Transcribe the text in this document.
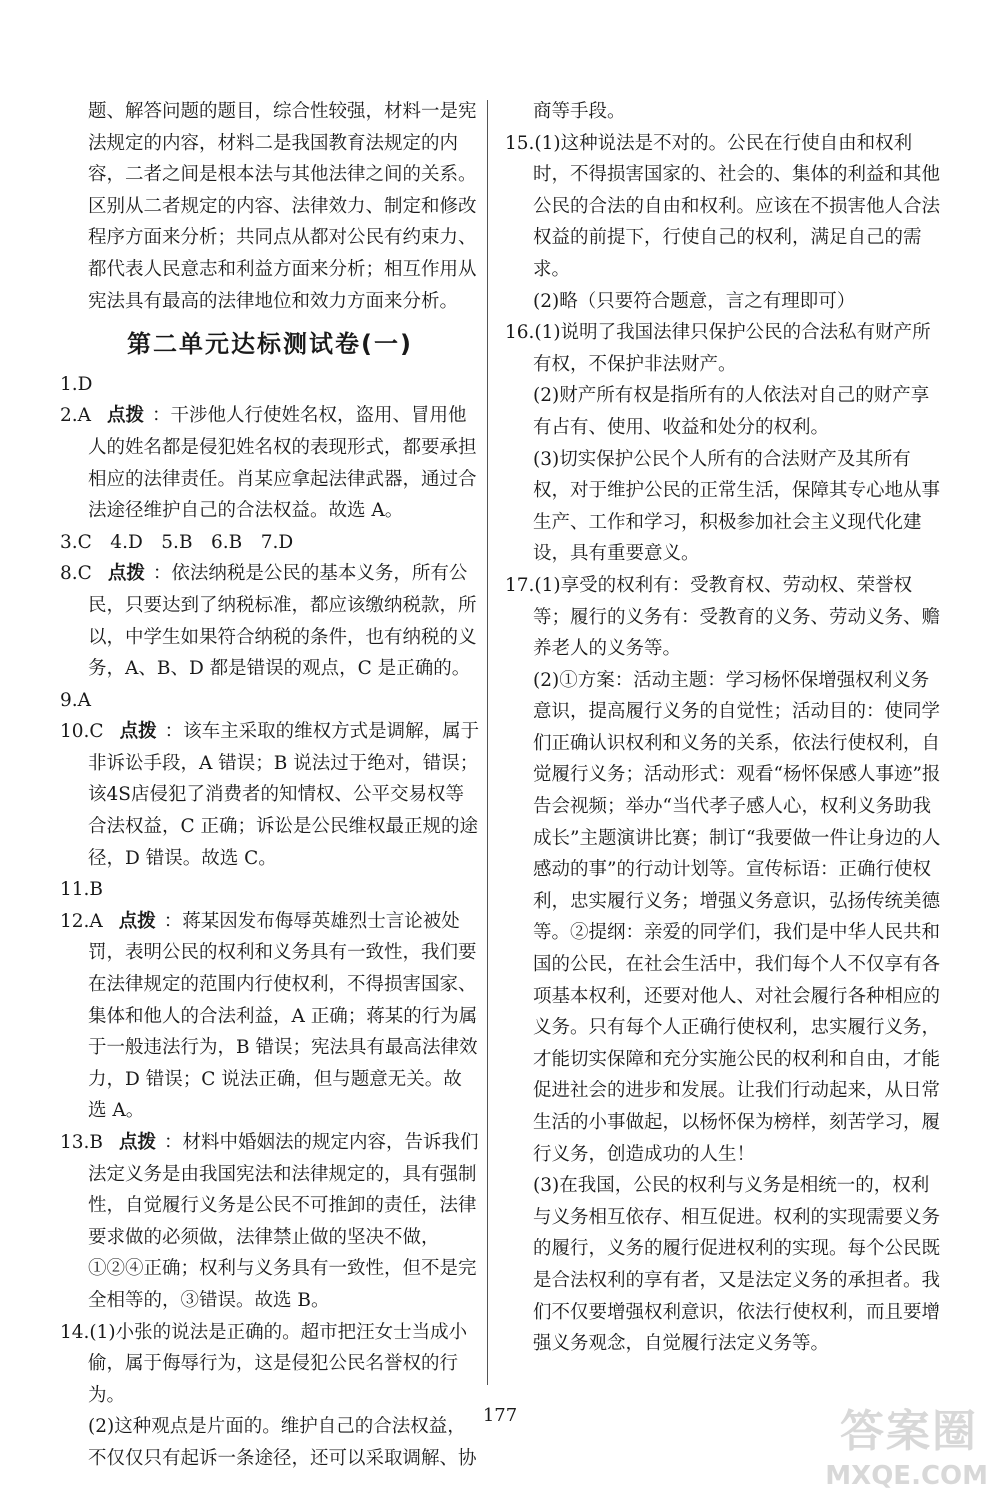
题、解答问题的题目，综合性较强，材料一是宪法规定的内容，材料二是我国教育法规定的内容，二者之间是根本法与其他法律之间的关系。区别从二者规定的内容、法律效力、制定和修改程序方面来分析；共同点从都对公民有约束力、都代表人民意志和利益方面来分析；相互作用从宪法具有最高的法律地位和效力方面来分析。

第二单元达标测试卷(一)

1.D

2.A 点拨 ：干涉他人行使姓名权，盗用、冒用他人的姓名都是侵犯姓名权的表现形式，都要承担相应的法律责任。肖某应拿起法律武器，通过合法途径维护自己的合法权益。故选 A。

3.C　4.D　5.B　6.B　7.D

8.C 点拨 ：依法纳税是公民的基本义务，所有公民，只要达到了纳税标准，都应该缴纳税款，所以，中学生如果符合纳税的条件，也有纳税的义务，A、B、D 都是错误的观点，C 是正确的。

9.A

10.C 点拨 ：该车主采取的维权方式是调解，属于非诉讼手段，A 错误；B 说法过于绝对，错误；该4S店侵犯了消费者的知情权、公平交易权等合法权益，C 正确；诉讼是公民维权最正规的途径，D 错误。故选 C。

11.B

12.A 点拨 ：蒋某因发布侮辱英雄烈士言论被处罚，表明公民的权利和义务具有一致性，我们要在法律规定的范围内行使权利，不得损害国家、集体和他人的合法利益，A 正确；蒋某的行为属于一般违法行为，B 错误；宪法具有最高法律效力，D 错误；C 说法正确，但与题意无关。故选 A。

13.B 点拨 ：材料中婚姻法的规定内容，告诉我们法定义务是由我国宪法和法律规定的，具有强制性，自觉履行义务是公民不可推卸的责任，法律要求做的必须做，法律禁止做的坚决不做，①②④正确；权利与义务具有一致性，但不是完全相等的，③错误。故选 B。

14.(1)小张的说法是正确的。超市把汪女士当成小偷，属于侮辱行为，这是侵犯公民名誉权的行为。

(2)这种观点是片面的。维护自己的合法权益，不仅仅只有起诉一条途径，还可以采取调解、协

商等手段。

15.(1)这种说法是不对的。公民在行使自由和权利时，不得损害国家的、社会的、集体的利益和其他公民的合法的自由和权利。应该在不损害他人合法权益的前提下，行使自己的权利，满足自己的需求。

(2)略（只要符合题意，言之有理即可）

16.(1)说明了我国法律只保护公民的合法私有财产所有权，不保护非法财产。

(2)财产所有权是指所有的人依法对自己的财产享有占有、使用、收益和处分的权利。

(3)切实保护公民个人所有的合法财产及其所有权，对于维护公民的正常生活，保障其专心地从事生产、工作和学习，积极参加社会主义现代化建设，具有重要意义。

17.(1)享受的权利有：受教育权、劳动权、荣誉权等；履行的义务有：受教育的义务、劳动义务、赡养老人的义务等。

(2)①方案：活动主题：学习杨怀保增强权利义务意识，提高履行义务的自觉性；活动目的：使同学们正确认识权利和义务的关系，依法行使权利，自觉履行义务；活动形式：观看“杨怀保感人事迹”报告会视频；举办“当代孝子感人心，权利义务助我成长”主题演讲比赛；制订“我要做一件让身边的人感动的事”的行动计划等。宣传标语：正确行使权利，忠实履行义务；增强义务意识，弘扬传统美德等。②提纲：亲爱的同学们，我们是中华人民共和国的公民，在社会生活中，我们每个人不仅享有各项基本权利，还要对他人、对社会履行各种相应的义务。只有每个人正确行使权利，忠实履行义务，才能切实保障和充分实施公民的权利和自由，才能促进社会的进步和发展。让我们行动起来，从日常生活的小事做起，以杨怀保为榜样，刻苦学习，履行义务，创造成功的人生！

(3)在我国，公民的权利与义务是相统一的，权利与义务相互依存、相互促进。权利的实现需要义务的履行，义务的履行促进权利的实现。每个公民既是合法权利的享有者，又是法定义务的承担者。我们不仅要增强权利意识，依法行使权利，而且要增强义务观念，自觉履行法定义务等。

177	答案圈
MXQE.COM
